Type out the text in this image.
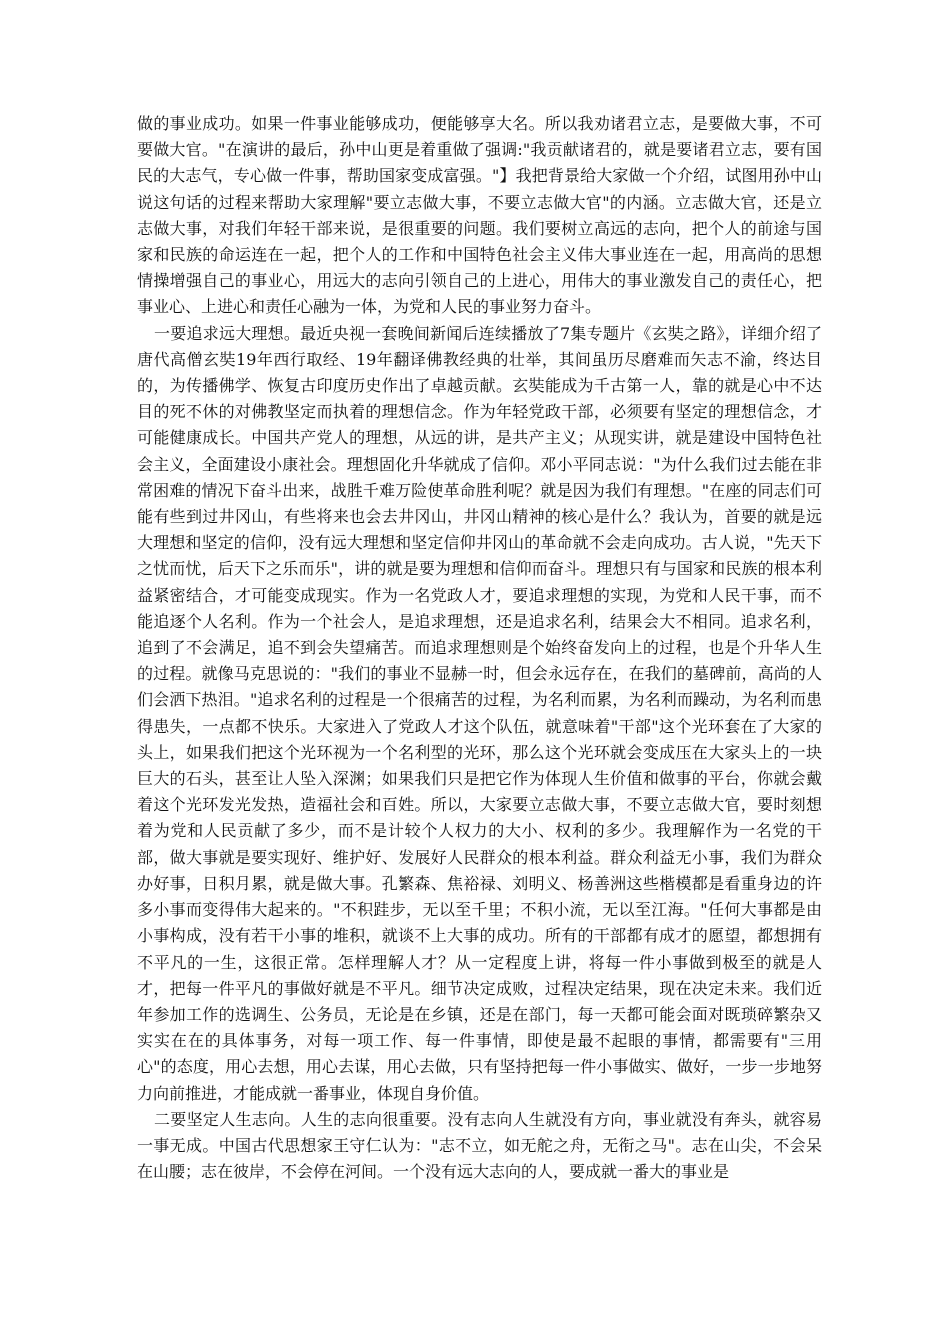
做的事业成功。如果一件事业能够成功，便能够享大名。所以我劝诸君立志，是要做大事，不可要做大官。"在演讲的最后，孙中山更是着重做了强调:"我贡献诸君的，就是要诸君立志，要有国民的大志气，专心做一件事，帮助国家变成富强。"】我把背景给大家做一个介绍，试图用孙中山说这句话的过程来帮助大家理解"要立志做大事，不要立志做大官"的内涵。立志做大官，还是立志做大事，对我们年轻干部来说，是很重要的问题。我们要树立高远的志向，把个人的前途与国家和民族的命运连在一起，把个人的工作和中国特色社会主义伟大事业连在一起，用高尚的思想情操增强自己的事业心，用远大的志向引领自己的上进心，用伟大的事业激发自己的责任心，把事业心、上进心和责任心融为一体，为党和人民的事业努力奋斗。

一要追求远大理想。最近央视一套晚间新闻后连续播放了7集专题片《玄奘之路》，详细介绍了唐代高僧玄奘19年西行取经、19年翻译佛教经典的壮举，其间虽历尽磨难而矢志不渝，终达目的，为传播佛学、恢复古印度历史作出了卓越贡献。玄奘能成为千古第一人，靠的就是心中不达目的死不休的对佛教坚定而执着的理想信念。作为年轻党政干部，必须要有坚定的理想信念，才可能健康成长。中国共产党人的理想，从远的讲，是共产主义；从现实讲，就是建设中国特色社会主义，全面建设小康社会。理想固化升华就成了信仰。邓小平同志说："为什么我们过去能在非常困难的情况下奋斗出来，战胜千难万险使革命胜利呢？就是因为我们有理想。"在座的同志们可能有些到过井冈山，有些将来也会去井冈山，井冈山精神的核心是什么？我认为，首要的就是远大理想和坚定的信仰，没有远大理想和坚定信仰井冈山的革命就不会走向成功。古人说，"先天下之忧而忧，后天下之乐而乐"，讲的就是要为理想和信仰而奋斗。理想只有与国家和民族的根本利益紧密结合，才可能变成现实。作为一名党政人才，要追求理想的实现，为党和人民干事，而不能追逐个人名利。作为一个社会人，是追求理想，还是追求名利，结果会大不相同。追求名利，追到了不会满足，追不到会失望痛苦。而追求理想则是个始终奋发向上的过程，也是个升华人生的过程。就像马克思说的："我们的事业不显赫一时，但会永远存在，在我们的墓碑前，高尚的人们会洒下热泪。"追求名利的过程是一个很痛苦的过程，为名利而累，为名利而躁动，为名利而患得患失，一点都不快乐。大家进入了党政人才这个队伍，就意味着"干部"这个光环套在了大家的头上，如果我们把这个光环视为一个名利型的光环，那么这个光环就会变成压在大家头上的一块巨大的石头，甚至让人坠入深渊；如果我们只是把它作为体现人生价值和做事的平台，你就会戴着这个光环发光发热，造福社会和百姓。所以，大家要立志做大事，不要立志做大官，要时刻想着为党和人民贡献了多少，而不是计较个人权力的大小、权利的多少。我理解作为一名党的干部，做大事就是要实现好、维护好、发展好人民群众的根本利益。群众利益无小事，我们为群众办好事，日积月累，就是做大事。孔繁森、焦裕禄、刘明义、杨善洲这些楷模都是看重身边的许多小事而变得伟大起来的。"不积跬步，无以至千里；不积小流，无以至江海。"任何大事都是由小事构成，没有若干小事的堆积，就谈不上大事的成功。所有的干部都有成才的愿望，都想拥有不平凡的一生，这很正常。怎样理解人才？从一定程度上讲，将每一件小事做到极至的就是人才，把每一件平凡的事做好就是不平凡。细节决定成败，过程决定结果，现在决定未来。我们近年参加工作的选调生、公务员，无论是在乡镇，还是在部门，每一天都可能会面对既琐碎繁杂又实实在在的具体事务，对每一项工作、每一件事情，即使是最不起眼的事情，都需要有"三用心"的态度，用心去想，用心去谋，用心去做，只有坚持把每一件小事做实、做好，一步一步地努力向前推进，才能成就一番事业，体现自身价值。

二要坚定人生志向。人生的志向很重要。没有志向人生就没有方向，事业就没有奔头，就容易一事无成。中国古代思想家王守仁认为："志不立，如无舵之舟，无衔之马"。志在山尖，不会呆在山腰；志在彼岸，不会停在河间。一个没有远大志向的人，要成就一番大的事业是
